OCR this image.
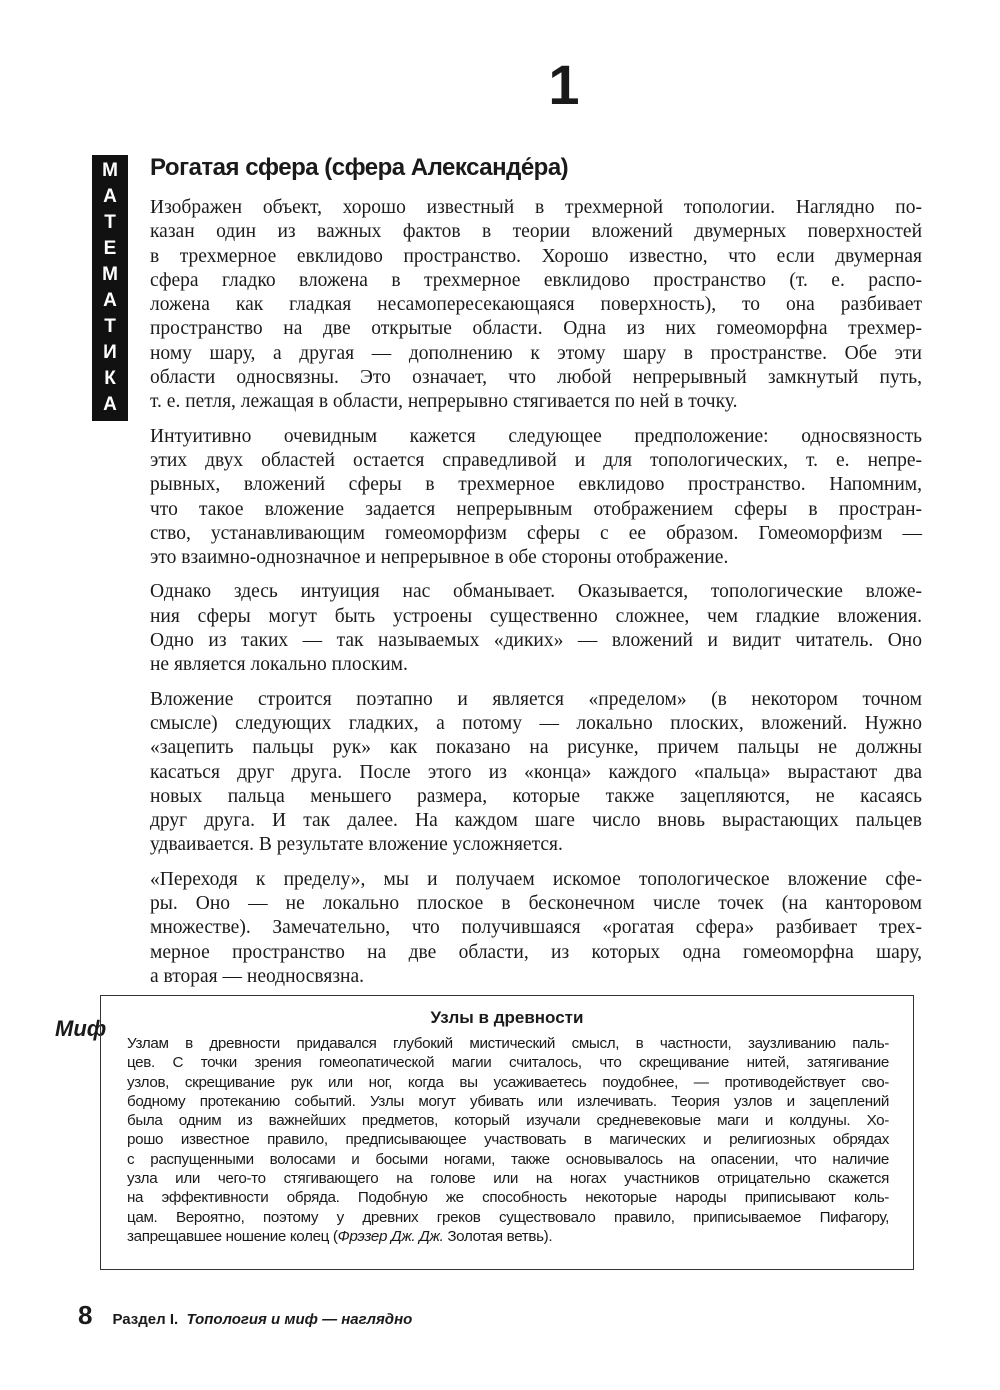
1
М
А
Т
Е
М
А
Т
И
К
А
Рогатая сфера (сфера Александе́ра)
Изображен объект, хорошо известный в трехмерной топологии. Наглядно по-
казан один из важных фактов в теории вложений двумерных поверхностей
в трехмерное евклидово пространство. Хорошо известно, что если двумерная
сфера гладко вложена в трехмерное евклидово пространство (т. е. распо-
ложена как гладкая несамопересекающаяся поверхность), то она разбивает
пространство на две открытые области. Одна из них гомеоморфна трехмер-
ному шару, а другая — дополнению к этому шару в пространстве. Обе эти
области односвязны. Это означает, что любой непрерывный замкнутый путь,
т. е. петля, лежащая в области, непрерывно стягивается по ней в точку.
Интуитивно очевидным кажется следующее предположение: односвязность
этих двух областей остается справедливой и для топологических, т. е. непре-
рывных, вложений сферы в трехмерное евклидово пространство. Напомним,
что такое вложение задается непрерывным отображением сферы в простран-
ство, устанавливающим гомеоморфизм сферы с ее образом. Гомеоморфизм —
это взаимно-однозначное и непрерывное в обе стороны отображение.
Однако здесь интуиция нас обманывает. Оказывается, топологические вложе-
ния сферы могут быть устроены существенно сложнее, чем гладкие вложения.
Одно из таких — так называемых «диких» — вложений и видит читатель. Оно
не является локально плоским.
Вложение строится поэтапно и является «пределом» (в некотором точном
смысле) следующих гладких, а потому — локально плоских, вложений. Нужно
«зацепить пальцы рук» как показано на рисунке, причем пальцы не должны
касаться друг друга. После этого из «конца» каждого «пальца» вырастают два
новых пальца меньшего размера, которые также зацепляются, не касаясь
друг друга. И так далее. На каждом шаге число вновь вырастающих пальцев
удваивается. В результате вложение усложняется.
«Переходя к пределу», мы и получаем искомое топологическое вложение сфе-
ры. Оно — не локально плоское в бесконечном числе точек (на канторовом
множестве). Замечательно, что получившаяся «рогатая сфера» разбивает трех-
мерное пространство на две области, из которых одна гомеоморфна шару,
а вторая — неодносвязна.
Миф	Узлы в древности
Узлам в древности придавался глубокий мистический смысл, в частности, заузливанию паль-
цев. С точки зрения гомеопатической магии считалось, что скрещивание нитей, затягивание
узлов, скрещивание рук или ног, когда вы усаживаетесь поудобнее, — противодействует сво-
бодному протеканию событий. Узлы могут убивать или излечивать. Теория узлов и зацеплений
была одним из важнейших предметов, который изучали средневековые маги и колдуны. Хо-
рошо известное правило, предписывающее участвовать в магических и религиозных обрядах
с распущенными волосами и босыми ногами, также основывалось на опасении, что наличие
узла или чего-то стягивающего на голове или на ногах участников отрицательно скажется
на эффективности обряда. Подобную же способность некоторые народы приписывают коль-
цам. Вероятно, поэтому у древних греков существовало правило, приписываемое Пифагору,
запрещавшее ношение колец (Фрэзер Дж. Дж. Золотая ветвь).
8 Раздел I. Топология и миф — наглядно
